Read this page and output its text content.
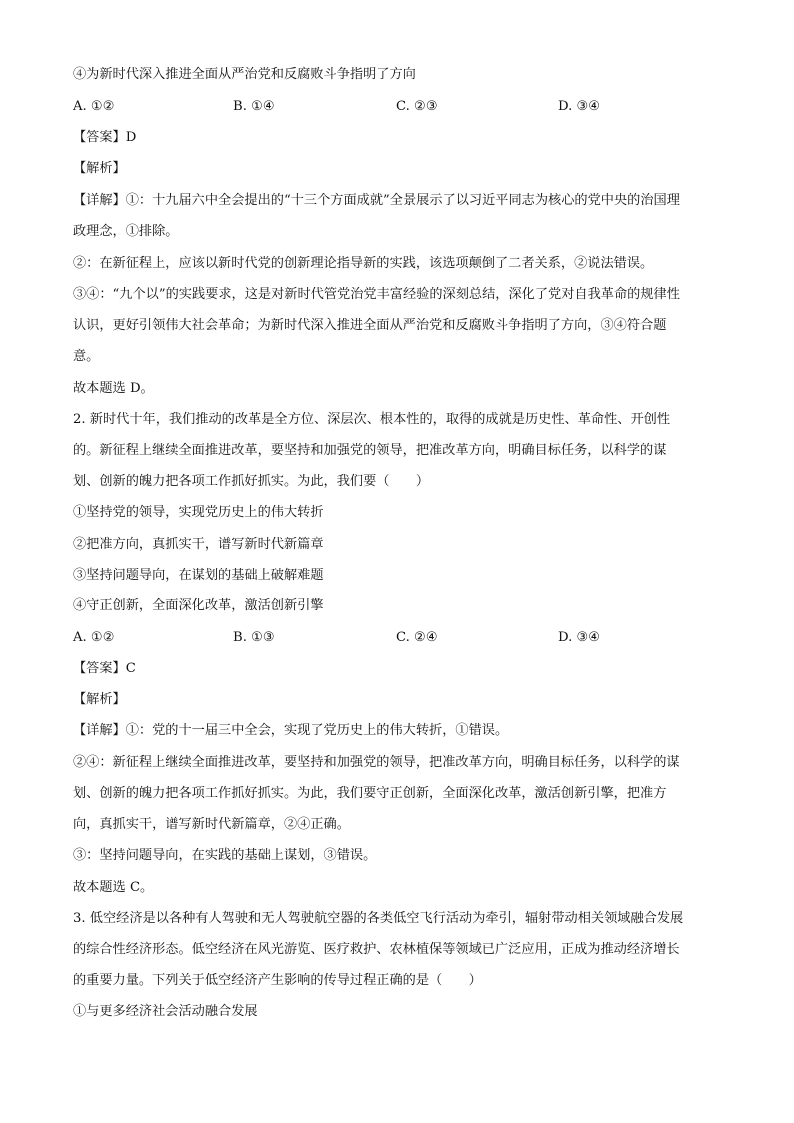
④为新时代深入推进全面从严治党和反腐败斗争指明了方向
A. ①②	B. ①④	C. ②③	D. ③④
【答案】D
【解析】
【详解】①：十九届六中全会提出的“十三个方面成就”全景展示了以习近平同志为核心的党中央的治国理
政理念，①排除。
②：在新征程上，应该以新时代党的创新理论指导新的实践，该选项颠倒了二者关系，②说法错误。
③④：“九个以”的实践要求，这是对新时代管党治党丰富经验的深刻总结，深化了党对自我革命的规律性
认识，更好引领伟大社会革命；为新时代深入推进全面从严治党和反腐败斗争指明了方向，③④符合题
意。
故本题选 D。
2. 新时代十年，我们推动的改革是全方位、深层次、根本性的，取得的成就是历史性、革命性、开创性
的。新征程上继续全面推进改革，要坚持和加强党的领导，把准改革方向，明确目标任务，以科学的谋
划、创新的魄力把各项工作抓好抓实。为此，我们要（　　）
①坚持党的领导，实现党历史上的伟大转折
②把准方向，真抓实干，谱写新时代新篇章
③坚持问题导向，在谋划的基础上破解难题
④守正创新，全面深化改革，激活创新引擎
A. ①②	B. ①③	C. ②④	D. ③④
【答案】C
【解析】
【详解】①：党的十一届三中全会，实现了党历史上的伟大转折，①错误。
②④：新征程上继续全面推进改革，要坚持和加强党的领导，把准改革方向，明确目标任务，以科学的谋
划、创新的魄力把各项工作抓好抓实。为此，我们要守正创新，全面深化改革，激活创新引擎，把准方
向，真抓实干，谱写新时代新篇章，②④正确。
③：坚持问题导向，在实践的基础上谋划，③错误。
故本题选 C。
3. 低空经济是以各种有人驾驶和无人驾驶航空器的各类低空飞行活动为牵引，辐射带动相关领域融合发展
的综合性经济形态。低空经济在风光游览、医疗救护、农林植保等领域已广泛应用，正成为推动经济增长
的重要力量。下列关于低空经济产生影响的传导过程正确的是（　　）
①与更多经济社会活动融合发展
